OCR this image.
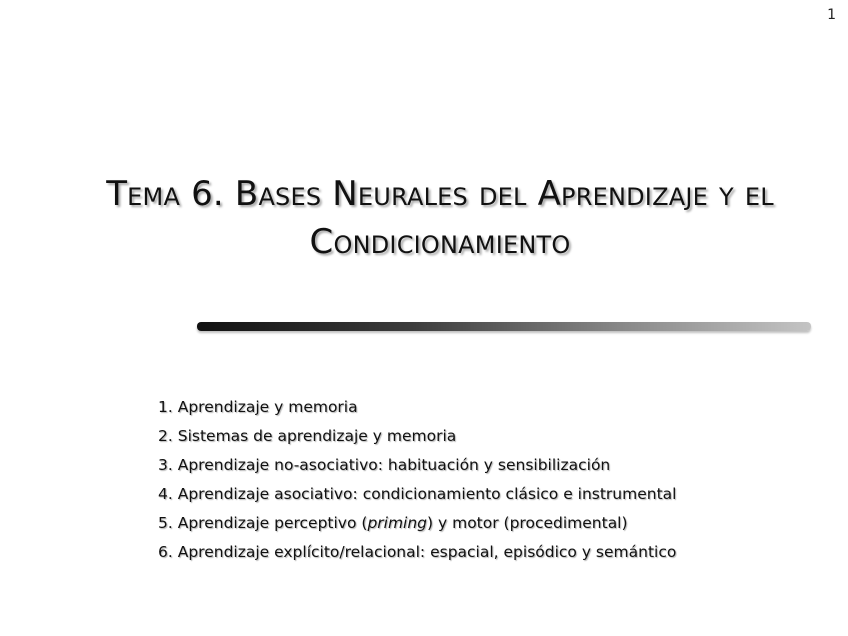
1
Tema 6. Bases Neurales del Aprendizaje y el
Condicionamiento
1. Aprendizaje y memoria
2. Sistemas de aprendizaje y memoria
3. Aprendizaje no-asociativo: habituación y sensibilización
4. Aprendizaje asociativo: condicionamiento clásico e instrumental
5. Aprendizaje perceptivo (priming) y motor (procedimental)
6. Aprendizaje explícito/relacional: espacial, episódico y semántico
